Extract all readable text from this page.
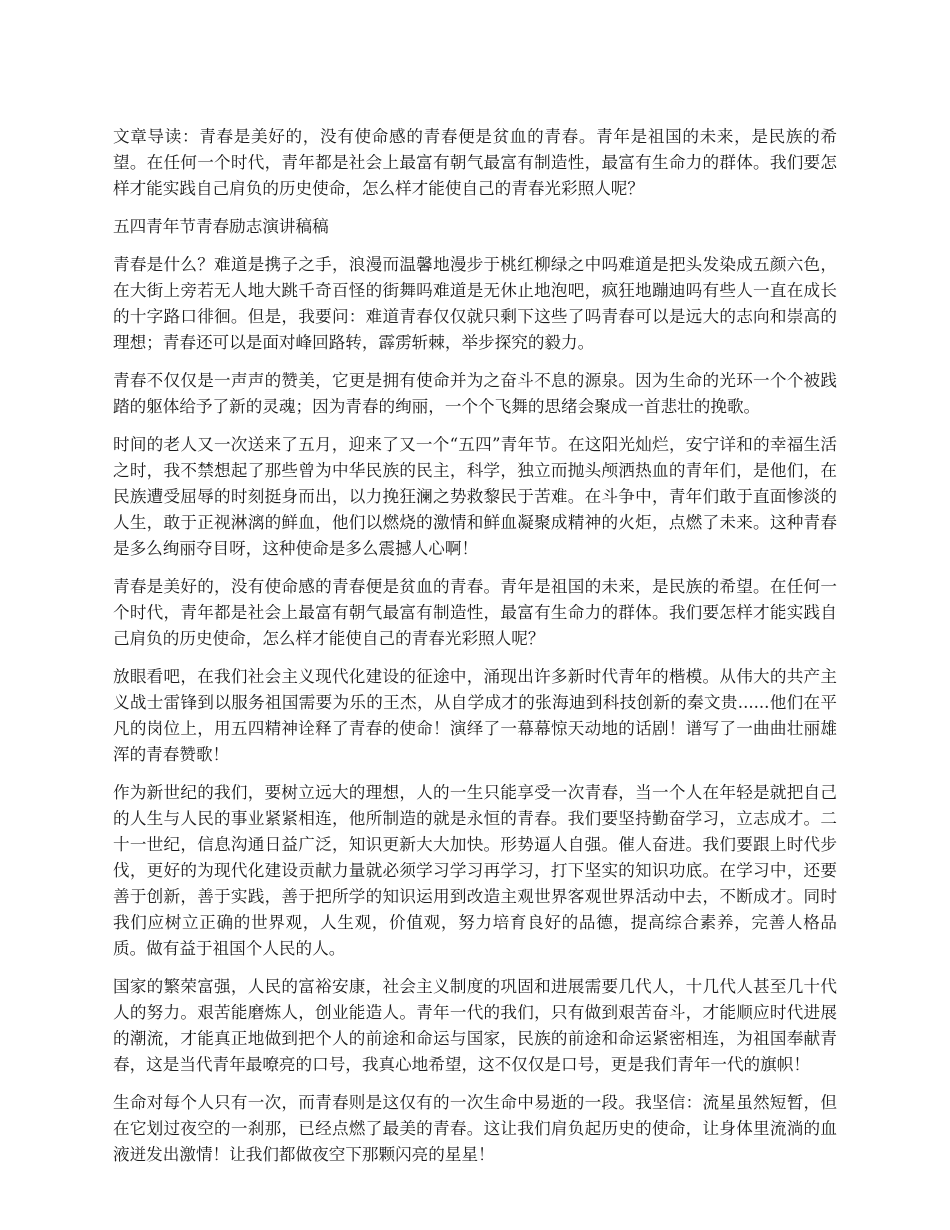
文章导读：青春是美好的，没有使命感的青春便是贫血的青春。青年是祖国的未来，是民族的希望。在任何一个时代，青年都是社会上最富有朝气最富有制造性，最富有生命力的群体。我们要怎样才能实践自己肩负的历史使命，怎么样才能使自己的青春光彩照人呢？

五四青年节青春励志演讲稿稿

青春是什么？难道是携子之手，浪漫而温馨地漫步于桃红柳绿之中吗难道是把头发染成五颜六色，在大街上旁若无人地大跳千奇百怪的街舞吗难道是无休止地泡吧，疯狂地蹦迪吗有些人一直在成长的十字路口徘徊。但是，我要问：难道青春仅仅就只剩下这些了吗青春可以是远大的志向和崇高的理想；青春还可以是面对峰回路转，霹雳斩棘，举步探究的毅力。

青春不仅仅是一声声的赞美，它更是拥有使命并为之奋斗不息的源泉。因为生命的光环一个个被践踏的躯体给予了新的灵魂；因为青春的绚丽，一个个飞舞的思绪会聚成一首悲壮的挽歌。

时间的老人又一次送来了五月，迎来了又一个“五四”青年节。在这阳光灿烂，安宁详和的幸福生活之时，我不禁想起了那些曾为中华民族的民主，科学，独立而抛头颅洒热血的青年们，是他们，在民族遭受屈辱的时刻挺身而出，以力挽狂澜之势救黎民于苦难。在斗争中，青年们敢于直面惨淡的人生，敢于正视淋漓的鲜血，他们以燃烧的激情和鲜血凝聚成精神的火炬，点燃了未来。这种青春是多么绚丽夺目呀，这种使命是多么震撼人心啊！

青春是美好的，没有使命感的青春便是贫血的青春。青年是祖国的未来，是民族的希望。在任何一个时代，青年都是社会上最富有朝气最富有制造性，最富有生命力的群体。我们要怎样才能实践自己肩负的历史使命，怎么样才能使自己的青春光彩照人呢？

放眼看吧，在我们社会主义现代化建设的征途中，涌现出许多新时代青年的楷模。从伟大的共产主义战士雷锋到以服务祖国需要为乐的王杰，从自学成才的张海迪到科技创新的秦文贵......他们在平凡的岗位上，用五四精神诠释了青春的使命！演绎了一幕幕惊天动地的话剧！谱写了一曲曲壮丽雄浑的青春赞歌！

作为新世纪的我们，要树立远大的理想，人的一生只能享受一次青春，当一个人在年轻是就把自己的人生与人民的事业紧紧相连，他所制造的就是永恒的青春。我们要坚持勤奋学习，立志成才。二十一世纪，信息沟通日益广泛，知识更新大大加快。形势逼人自强。催人奋进。我们要跟上时代步伐，更好的为现代化建设贡献力量就必须学习学习再学习，打下坚实的知识功底。在学习中，还要善于创新，善于实践，善于把所学的知识运用到改造主观世界客观世界活动中去，不断成才。同时我们应树立正确的世界观，人生观，价值观，努力培育良好的品德，提高综合素养，完善人格品质。做有益于祖国个人民的人。

国家的繁荣富强，人民的富裕安康，社会主义制度的巩固和进展需要几代人，十几代人甚至几十代人的努力。艰苦能磨炼人，创业能造人。青年一代的我们，只有做到艰苦奋斗，才能顺应时代进展的潮流，才能真正地做到把个人的前途和命运与国家，民族的前途和命运紧密相连，为祖国奉献青春，这是当代青年最嘹亮的口号，我真心地希望，这不仅仅是口号，更是我们青年一代的旗帜！

生命对每个人只有一次，而青春则是这仅有的一次生命中易逝的一段。我坚信：流星虽然短暂，但在它划过夜空的一刹那，已经点燃了最美的青春。这让我们肩负起历史的使命，让身体里流淌的血液迸发出激情！让我们都做夜空下那颗闪亮的星星！
